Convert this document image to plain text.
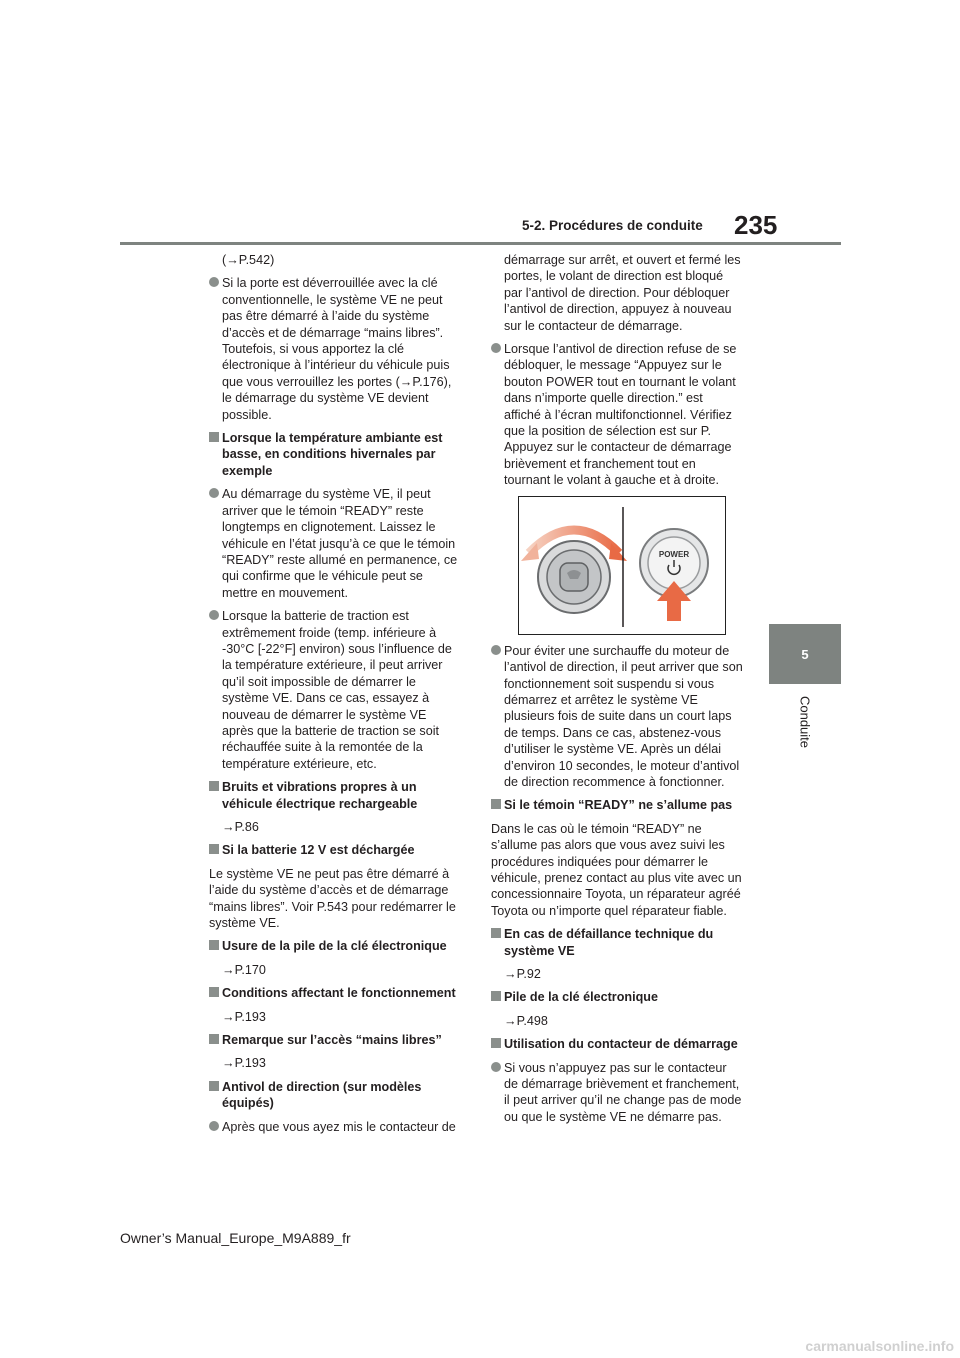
235
5-2. Procédures de conduite
5
Conduite
(→P.542)
Si la porte est déverrouillée avec la clé conventionnelle, le système VE ne peut pas être démarré à l’aide du système d’accès et de démarrage “mains libres”. Toutefois, si vous apportez la clé électronique à l’intérieur du véhicule puis que vous verrouillez les portes (→P.176), le démarrage du système VE devient possible.
Lorsque la température ambiante est basse, en conditions hivernales par exemple
Au démarrage du système VE, il peut arriver que le témoin “READY” reste longtemps en clignotement. Laissez le véhicule en l’état jusqu’à ce que le témoin “READY” reste allumé en permanence, ce qui confirme que le véhicule peut se mettre en mouvement.
Lorsque la batterie de traction est extrêmement froide (temp. inférieure à -30°C [-22°F] environ) sous l’influence de la température extérieure, il peut arriver qu’il soit impossible de démarrer le système VE. Dans ce cas, essayez à nouveau de démarrer le système VE après que la batterie de traction se soit réchauffée suite à la remontée de la température extérieure, etc.
Bruits et vibrations propres à un véhicule électrique rechargeable
→P.86
Si la batterie 12 V est déchargée
Le système VE ne peut pas être démarré à l’aide du système d’accès et de démarrage “mains libres”. Voir P.543 pour redémarrer le système VE.
Usure de la pile de la clé électronique
→P.170
Conditions affectant le fonctionnement
→P.193
Remarque sur l’accès “mains libres”
→P.193
Antivol de direction (sur modèles équipés)
Après que vous ayez mis le contacteur de
démarrage sur arrêt, et ouvert et fermé les portes, le volant de direction est bloqué par l’antivol de direction. Pour débloquer l’antivol de direction, appuyez à nouveau sur le contacteur de démarrage.
Lorsque l’antivol de direction refuse de se débloquer, le message “Appuyez sur le bouton POWER tout en tournant le volant dans n’importe quelle direction.” est affiché à l’écran multifonctionnel. Vérifiez que la position de sélection est sur P. Appuyez sur le contacteur de démarrage brièvement et franchement tout en tournant le volant à gauche et à droite.
POWER
Pour éviter une surchauffe du moteur de l’antivol de direction, il peut arriver que son fonctionnement soit suspendu si vous démarrez et arrêtez le système VE plusieurs fois de suite dans un court laps de temps. Dans ce cas, abstenez-vous d’utiliser le système VE. Après un délai d’environ 10 secondes, le moteur d’antivol de direction recommence à fonctionner.
Si le témoin “READY” ne s’allume pas
Dans le cas où le témoin “READY” ne s’allume pas alors que vous avez suivi les procédures indiquées pour démarrer le véhicule, prenez contact au plus vite avec un concessionnaire Toyota, un réparateur agréé Toyota ou n’importe quel réparateur fiable.
En cas de défaillance technique du système VE
→P.92
Pile de la clé électronique
→P.498
Utilisation du contacteur de démarrage
Si vous n’appuyez pas sur le contacteur de démarrage brièvement et franchement, il peut arriver qu’il ne change pas de mode ou que le système VE ne démarre pas.
Owner’s Manual_Europe_M9A889_fr
carmanualsonline.info
